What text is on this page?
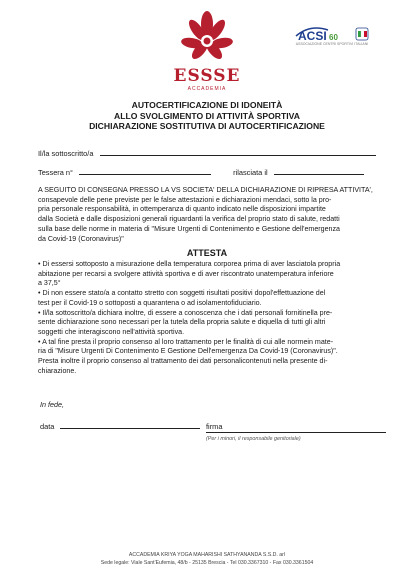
ESSSE
ACCADEMIA
ACSI 60
ASSOCIAZIONE CENTRI SPORTIVI ITALIANI
AUTOCERTIFICAZIONE DI IDONEITÀ
ALLO SVOLGIMENTO DI ATTIVITÀ SPORTIVA
DICHIARAZIONE SOSTITUTIVA DI AUTOCERTIFICAZIONE
Il/la sottoscritto/a
Tessera n°	rilasciata il
A SEGUITO DI CONSEGNA PRESSO LA VS SOCIETA' DELLA DICHIARAZIONE DI RIPRESA ATTIVITA',
consapevole delle pene previste per le false attestazioni e dichiarazioni mendaci, sotto la pro-
pria personale responsabilità, in ottemperanza di quanto indicato nelle disposizioni impartite
dalla Società e dalle disposizioni generali riguardanti la verifica del proprio stato di salute, redatti
sulla base delle norme in materia di "Misure Urgenti di Contenimento e Gestione dell'emergenza
da Covid-19 (Coronavirus)"
ATTESTA
• Di essersi sottoposto a misurazione della temperatura corporea prima di aver lasciatola propria
abitazione per recarsi a svolgere attività sportiva e di aver riscontrato unatemperatura inferiore
a 37,5°
• Di non essere stato/a a contatto stretto con soggetti risultati positivi dopol'effettuazione del
test per il Covid-19 o sottoposti a quarantena o ad isolamentofiduciario.
• Il/la sottoscritto/a dichiara inoltre, di essere a conoscenza che i dati personali fornitinella pre-
sente dichiarazione sono necessari per la tutela della propria salute e diquella di tutti gli altri
soggetti che interagiscono nell'attività sportiva.
• A tal fine presta il proprio consenso al loro trattamento per le finalità di cui alle normein mate-
ria di "Misure Urgenti Di Contenimento E Gestione Dell'emergenza Da Covid-19 (Coronavirus)".
Presta inoltre il proprio consenso al trattamento dei dati personalicontenuti nella presente di-
chiarazione.
In fede,
data	firma
(Per i minori, il responsabile genitoriale)
ACCADEMIA KRIYA YOGA MAHARISHI SATHYANANDA S.S.D. arl
Sede legale: Viale Sant'Eufemia, 48/b - 25135 Brescia - Tel 030.3367310 - Fax 030.3361504
